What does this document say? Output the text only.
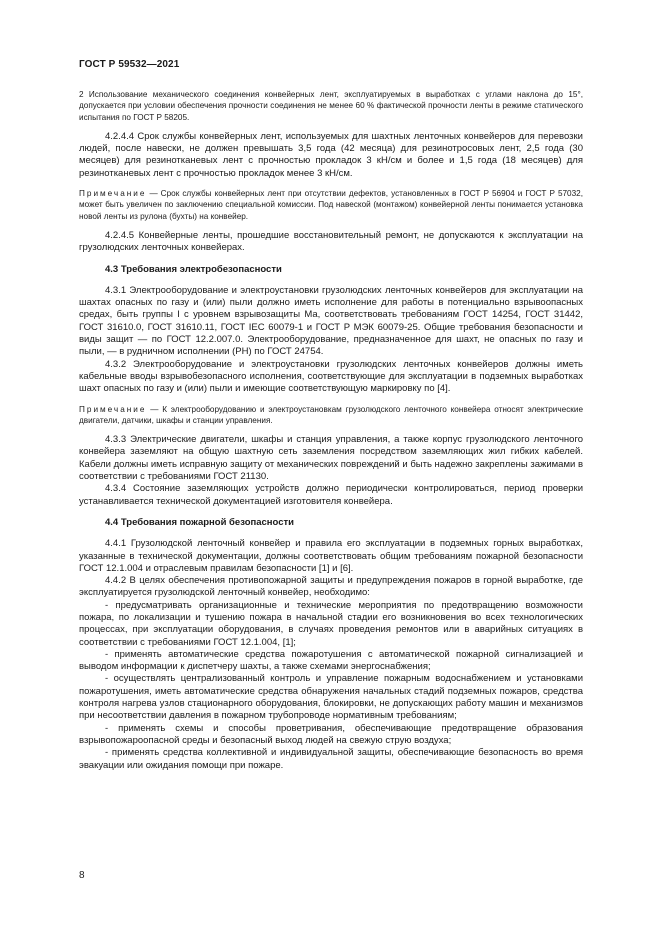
ГОСТ Р 59532—2021

2 Использование механического соединения конвейерных лент, эксплуатируемых в выработках с углами наклона до 15°, допускается при условии обеспечения прочности соединения не менее 60 % фактической прочности ленты в режиме статического испытания по ГОСТ Р 58205.

4.2.4.4 Срок службы конвейерных лент, используемых для шахтных ленточных конвейеров для перевозки людей, после навески, не должен превышать 3,5 года (42 месяца) для резинотросовых лент, 2,5 года (30 месяцев) для резинотканевых лент с прочностью прокладок 3 кН/см и более и 1,5 года (18 месяцев) для резинотканевых лент с прочностью прокладок менее 3 кН/см.

Примечание — Срок службы конвейерных лент при отсутствии дефектов, установленных в ГОСТ Р 56904 и ГОСТ Р 57032, может быть увеличен по заключению специальной комиссии. Под навеской (монтажом) конвейерной ленты понимается установка новой ленты из рулона (бухты) на конвейер.

4.2.4.5 Конвейерные ленты, прошедшие восстановительный ремонт, не допускаются к эксплуатации на грузолюдских ленточных конвейерах.

4.3 Требования электробезопасности

4.3.1 Электрооборудование и электроустановки грузолюдских ленточных конвейеров для эксплуатации на шахтах опасных по газу и (или) пыли должно иметь исполнение для работы в потенциально взрывоопасных средах, быть группы I с уровнем взрывозащиты Ма, соответствовать требованиям ГОСТ 14254, ГОСТ 31442, ГОСТ 31610.0, ГОСТ 31610.11, ГОСТ IEC 60079-1 и ГОСТ Р МЭК 60079-25. Общие требования безопасности и виды защит — по ГОСТ 12.2.007.0. Электрооборудование, предназначенное для шахт, не опасных по газу и пыли, — в рудничном исполнении (РН) по ГОСТ 24754.

4.3.2 Электрооборудование и электроустановки грузолюдских ленточных конвейеров должны иметь кабельные вводы взрывобезопасного исполнения, соответствующие для эксплуатации в подземных выработках шахт опасных по газу и (или) пыли и имеющие соответствующую маркировку по [4].

Примечание — К электрооборудованию и электроустановкам грузолюдского ленточного конвейера относят электрические двигатели, датчики, шкафы и станции управления.

4.3.3 Электрические двигатели, шкафы и станция управления, а также корпус грузолюдского ленточного конвейера заземляют на общую шахтную сеть заземления посредством заземляющих жил гибких кабелей. Кабели должны иметь исправную защиту от механических повреждений и быть надежно закреплены зажимами в соответствии с требованиями ГОСТ 21130.

4.3.4 Состояние заземляющих устройств должно периодически контролироваться, период проверки устанавливается технической документацией изготовителя конвейера.

4.4 Требования пожарной безопасности

4.4.1 Грузолюдской ленточный конвейер и правила его эксплуатации в подземных горных выработках, указанные в технической документации, должны соответствовать общим требованиям пожарной безопасности ГОСТ 12.1.004 и отраслевым правилам безопасности [1] и [6].

4.4.2 В целях обеспечения противопожарной защиты и предупреждения пожаров в горной выработке, где эксплуатируется грузолюдской ленточный конвейер, необходимо:

- предусматривать организационные и технические мероприятия по предотвращению возможности пожара, по локализации и тушению пожара в начальной стадии его возникновения во всех технологических процессах, при эксплуатации оборудования, в случаях проведения ремонтов или в аварийных ситуациях в соответствии с требованиями ГОСТ 12.1.004, [1];

- применять автоматические средства пожаротушения с автоматической пожарной сигнализацией и выводом информации к диспетчеру шахты, а также схемами энергоснабжения;

- осуществлять централизованный контроль и управление пожарным водоснабжением и установками пожаротушения, иметь автоматические средства обнаружения начальных стадий подземных пожаров, средства контроля нагрева узлов стационарного оборудования, блокировки, не допускающих работу машин и механизмов при несоответствии давления в пожарном трубопроводе нормативным требованиям;

- применять схемы и способы проветривания, обеспечивающие предотвращение образования взрывопожароопасной среды и безопасный выход людей на свежую струю воздуха;

- применять средства коллективной и индивидуальной защиты, обеспечивающие безопасность во время эвакуации или ожидания помощи при пожаре.

8
